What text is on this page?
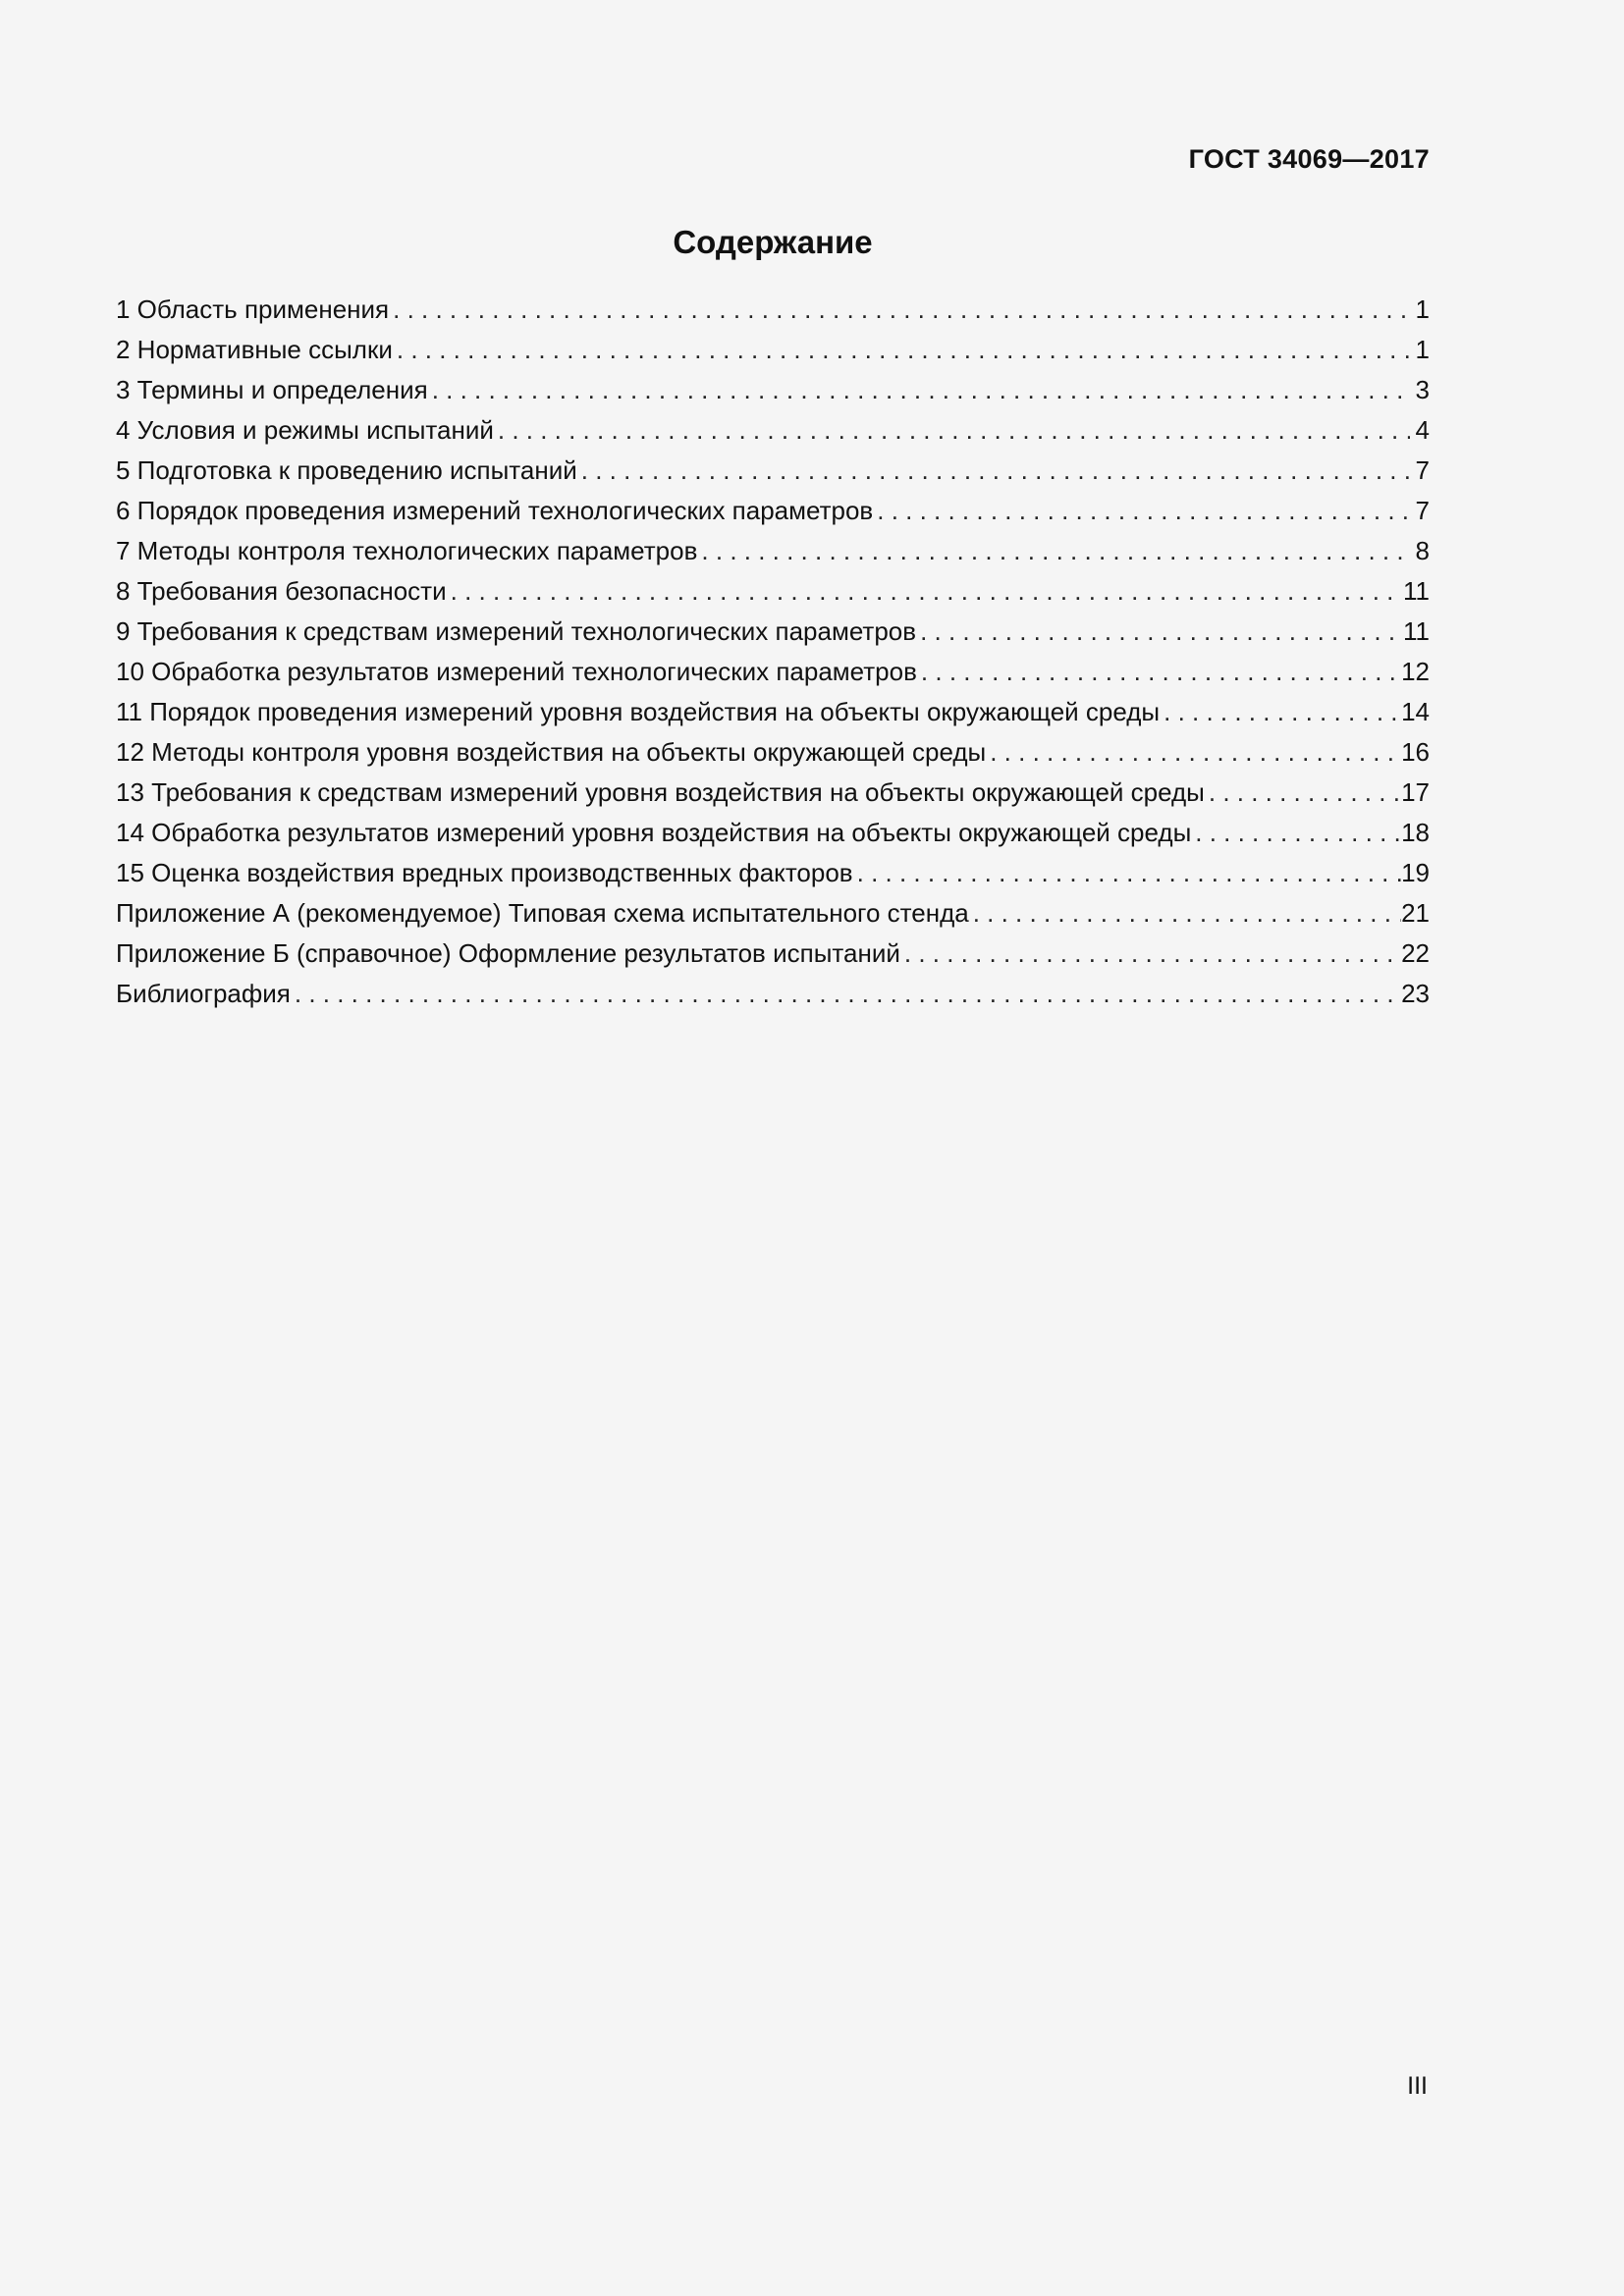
ГОСТ 34069—2017
Содержание
1 Область применения . . .	1
2 Нормативные ссылки . . .	1
3 Термины и определения . . .	3
4 Условия и режимы испытаний . . .	4
5 Подготовка к проведению испытаний . . .	7
6 Порядок проведения измерений технологических параметров . . .	7
7 Методы контроля технологических параметров . . .	8
8 Требования безопасности . . .	11
9 Требования к средствам измерений технологических параметров . . .	11
10 Обработка результатов измерений технологических параметров . . .	12
11 Порядок проведения измерений уровня воздействия на объекты окружающей среды . . .	14
12 Методы контроля уровня воздействия на объекты окружающей среды . . .	16
13 Требования к средствам измерений уровня воздействия на объекты окружающей среды . . .	17
14 Обработка результатов измерений уровня воздействия на объекты окружающей среды . . .	18
15 Оценка воздействия вредных производственных факторов . . .	19
Приложение А (рекомендуемое) Типовая схема испытательного стенда . . .	21
Приложение Б (справочное) Оформление результатов испытаний . . .	22
Библиография . . .	23
III
